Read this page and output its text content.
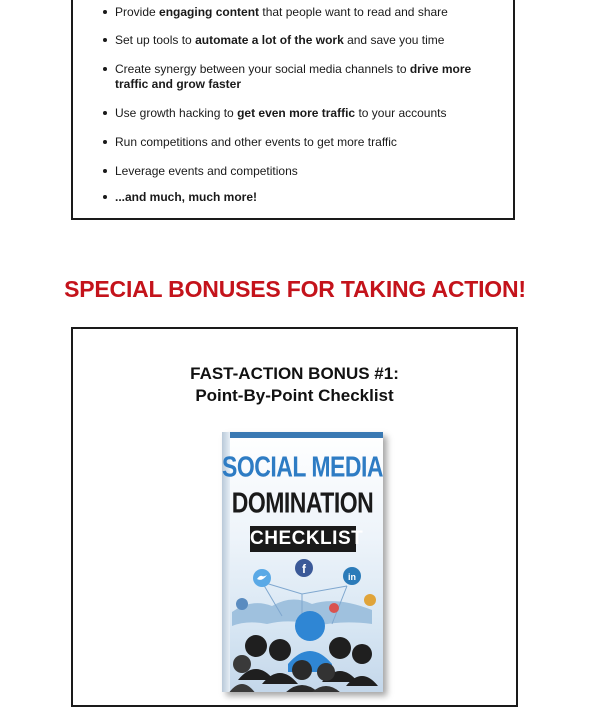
Provide engaging content that people want to read and share
Set up tools to automate a lot of the work and save you time
Create synergy between your social media channels to drive more traffic and grow faster
Use growth hacking to get even more traffic to your accounts
Run competitions and other events to get more traffic
Leverage events and competitions
...and much, much more!
SPECIAL BONUSES FOR TAKING ACTION!
FAST-ACTION BONUS #1:
Point-By-Point Checklist
SOCIAL MEDIA
DOMINATION
CHECKLIST
f
in
